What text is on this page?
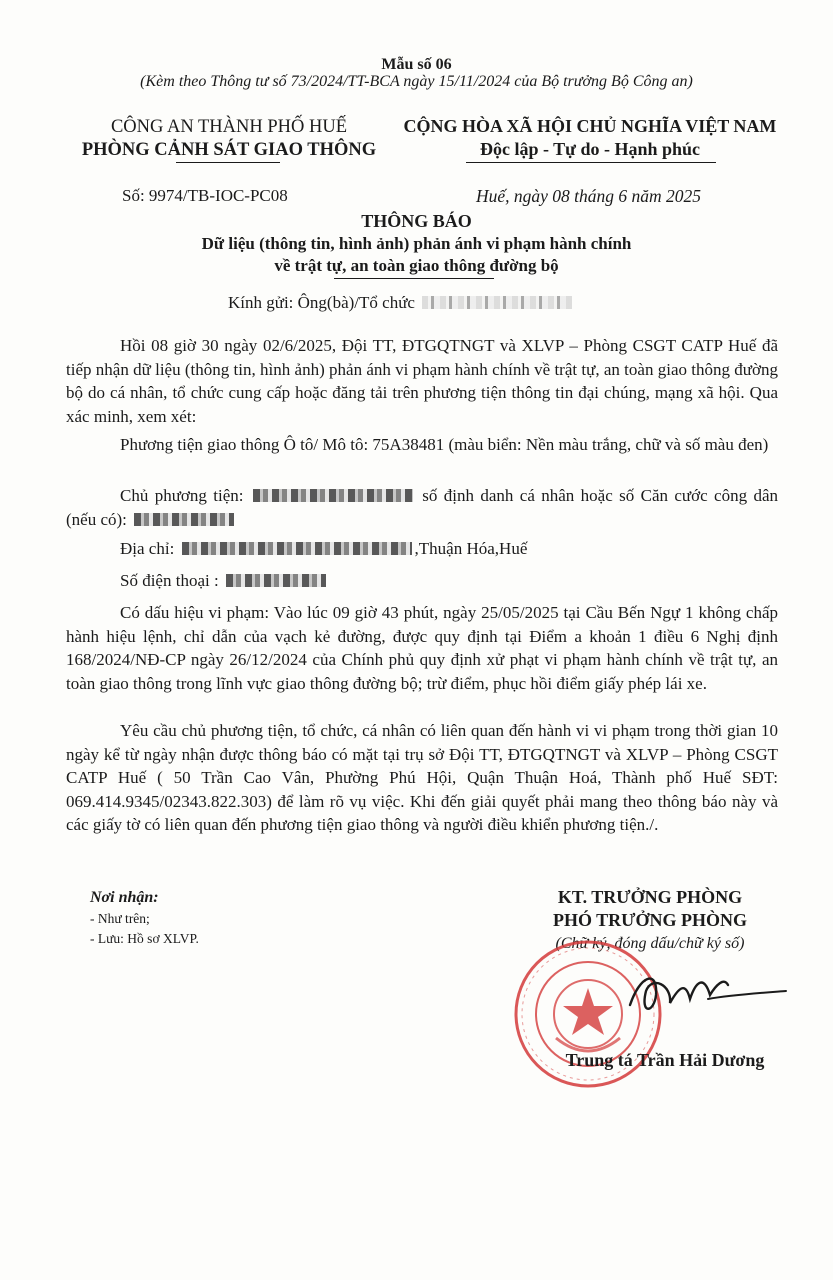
Mẫu số 06
(Kèm theo Thông tư số 73/2024/TT-BCA ngày 15/11/2024 của Bộ trưởng Bộ Công an)
CÔNG AN THÀNH PHỐ HUẾ
PHÒNG CẢNH SÁT GIAO THÔNG
CỘNG HÒA XÃ HỘI CHỦ NGHĨA VIỆT NAM
Độc lập - Tự do - Hạnh phúc
Số: 9974/TB-IOC-PC08	Huế, ngày 08 tháng 6 năm 2025
THÔNG BÁO
Dữ liệu (thông tin, hình ảnh) phản ánh vi phạm hành chính
về trật tự, an toàn giao thông đường bộ
Kính gửi: Ông(bà)/Tổ chức
Hồi 08 giờ 30 ngày 02/6/2025, Đội TT, ĐTGQTNGT và XLVP – Phòng CSGT CATP Huế đã tiếp nhận dữ liệu (thông tin, hình ảnh) phản ánh vi phạm hành chính về trật tự, an toàn giao thông đường bộ do cá nhân, tổ chức cung cấp hoặc đăng tải trên phương tiện thông tin đại chúng, mạng xã hội. Qua xác minh, xem xét:
Phương tiện giao thông Ô tô/ Mô tô: 75A38481 (màu biển: Nền màu trắng, chữ và số màu đen)
Chủ phương tiện:	số định danh cá nhân hoặc số Căn cước công dân (nếu có):
Địa chỉ:	,Thuận Hóa,Huế
Số điện thoại :
Có dấu hiệu vi phạm: Vào lúc 09 giờ 43 phút, ngày 25/05/2025 tại Cầu Bến Ngự 1 không chấp hành hiệu lệnh, chỉ dẫn của vạch kẻ đường, được quy định tại Điểm a khoản 1 điều 6 Nghị định 168/2024/NĐ-CP ngày 26/12/2024 của Chính phủ quy định xử phạt vi phạm hành chính về trật tự, an toàn giao thông trong lĩnh vực giao thông đường bộ; trừ điểm, phục hồi điểm giấy phép lái xe.
Yêu cầu chủ phương tiện, tổ chức, cá nhân có liên quan đến hành vi vi phạm trong thời gian 10 ngày kể từ ngày nhận được thông báo có mặt tại trụ sở Đội TT, ĐTGQTNGT và XLVP – Phòng CSGT CATP Huế ( 50 Trần Cao Vân, Phường Phú Hội, Quận Thuận Hoá, Thành phố Huế SĐT: 069.414.9345/02343.822.303) để làm rõ vụ việc. Khi đến giải quyết phải mang theo thông báo này và các giấy tờ có liên quan đến phương tiện giao thông và người điều khiển phương tiện./.
Nơi nhận:
- Như trên;
- Lưu: Hồ sơ XLVP.
KT. TRƯỞNG PHÒNG
PHÓ TRƯỞNG PHÒNG
(Chữ ký, đóng dấu/chữ ký số)
Trung tá Trần Hải Dương
